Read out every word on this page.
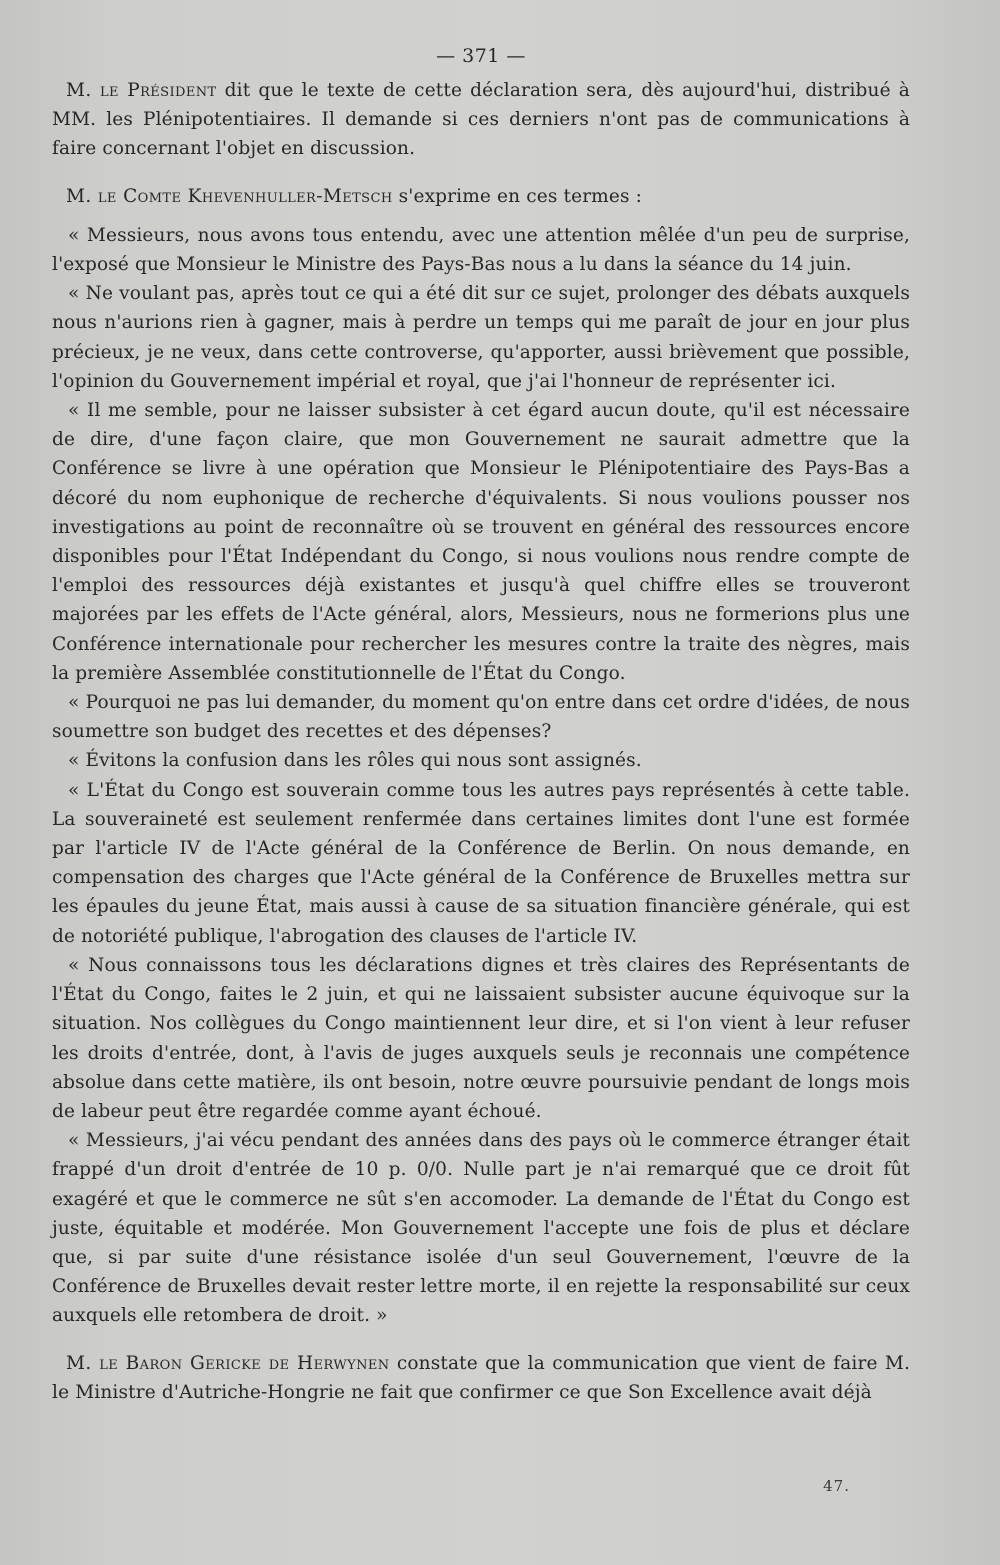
— 371 —

M. le Président dit que le texte de cette déclaration sera, dès aujourd'hui, distribué à MM. les Plénipotentiaires. Il demande si ces derniers n'ont pas de communications à faire concernant l'objet en discussion.

M. le Comte Khevenhuller-Metsch s'exprime en ces termes :

« Messieurs, nous avons tous entendu, avec une attention mêlée d'un peu de surprise, l'exposé que Monsieur le Ministre des Pays-Bas nous a lu dans la séance du 14 juin.

« Ne voulant pas, après tout ce qui a été dit sur ce sujet, prolonger des débats auxquels nous n'aurions rien à gagner, mais à perdre un temps qui me paraît de jour en jour plus précieux, je ne veux, dans cette controverse, qu'apporter, aussi brièvement que possible, l'opinion du Gouvernement impérial et royal, que j'ai l'honneur de représenter ici.

« Il me semble, pour ne laisser subsister à cet égard aucun doute, qu'il est nécessaire de dire, d'une façon claire, que mon Gouvernement ne saurait admettre que la Conférence se livre à une opération que Monsieur le Plénipotentiaire des Pays-Bas a décoré du nom euphonique de recherche d'équivalents. Si nous voulions pousser nos investigations au point de reconnaître où se trouvent en général des ressources encore disponibles pour l'État Indépendant du Congo, si nous voulions nous rendre compte de l'emploi des ressources déjà existantes et jusqu'à quel chiffre elles se trouveront majorées par les effets de l'Acte général, alors, Messieurs, nous ne formerions plus une Conférence internationale pour rechercher les mesures contre la traite des nègres, mais la première Assemblée constitutionnelle de l'État du Congo.

« Pourquoi ne pas lui demander, du moment qu'on entre dans cet ordre d'idées, de nous soumettre son budget des recettes et des dépenses?

« Évitons la confusion dans les rôles qui nous sont assignés.

« L'État du Congo est souverain comme tous les autres pays représentés à cette table. La souveraineté est seulement renfermée dans certaines limites dont l'une est formée par l'article IV de l'Acte général de la Conférence de Berlin. On nous demande, en compensation des charges que l'Acte général de la Conférence de Bruxelles mettra sur les épaules du jeune État, mais aussi à cause de sa situation financière générale, qui est de notoriété publique, l'abrogation des clauses de l'article IV.

« Nous connaissons tous les déclarations dignes et très claires des Représentants de l'État du Congo, faites le 2 juin, et qui ne laissaient subsister aucune équivoque sur la situation. Nos collègues du Congo maintiennent leur dire, et si l'on vient à leur refuser les droits d'entrée, dont, à l'avis de juges auxquels seuls je reconnais une compétence absolue dans cette matière, ils ont besoin, notre œuvre poursuivie pendant de longs mois de labeur peut être regardée comme ayant échoué.

« Messieurs, j'ai vécu pendant des années dans des pays où le commerce étranger était frappé d'un droit d'entrée de 10 p. 0/0. Nulle part je n'ai remarqué que ce droit fût exagéré et que le commerce ne sût s'en accomoder. La demande de l'État du Congo est juste, équitable et modérée. Mon Gouvernement l'accepte une fois de plus et déclare que, si par suite d'une résistance isolée d'un seul Gouvernement, l'œuvre de la Conférence de Bruxelles devait rester lettre morte, il en rejette la responsabilité sur ceux auxquels elle retombera de droit. »

M. le Baron Gericke de Herwynen constate que la communication que vient de faire M. le Ministre d'Autriche-Hongrie ne fait que confirmer ce que Son Excellence avait déjà

47.
